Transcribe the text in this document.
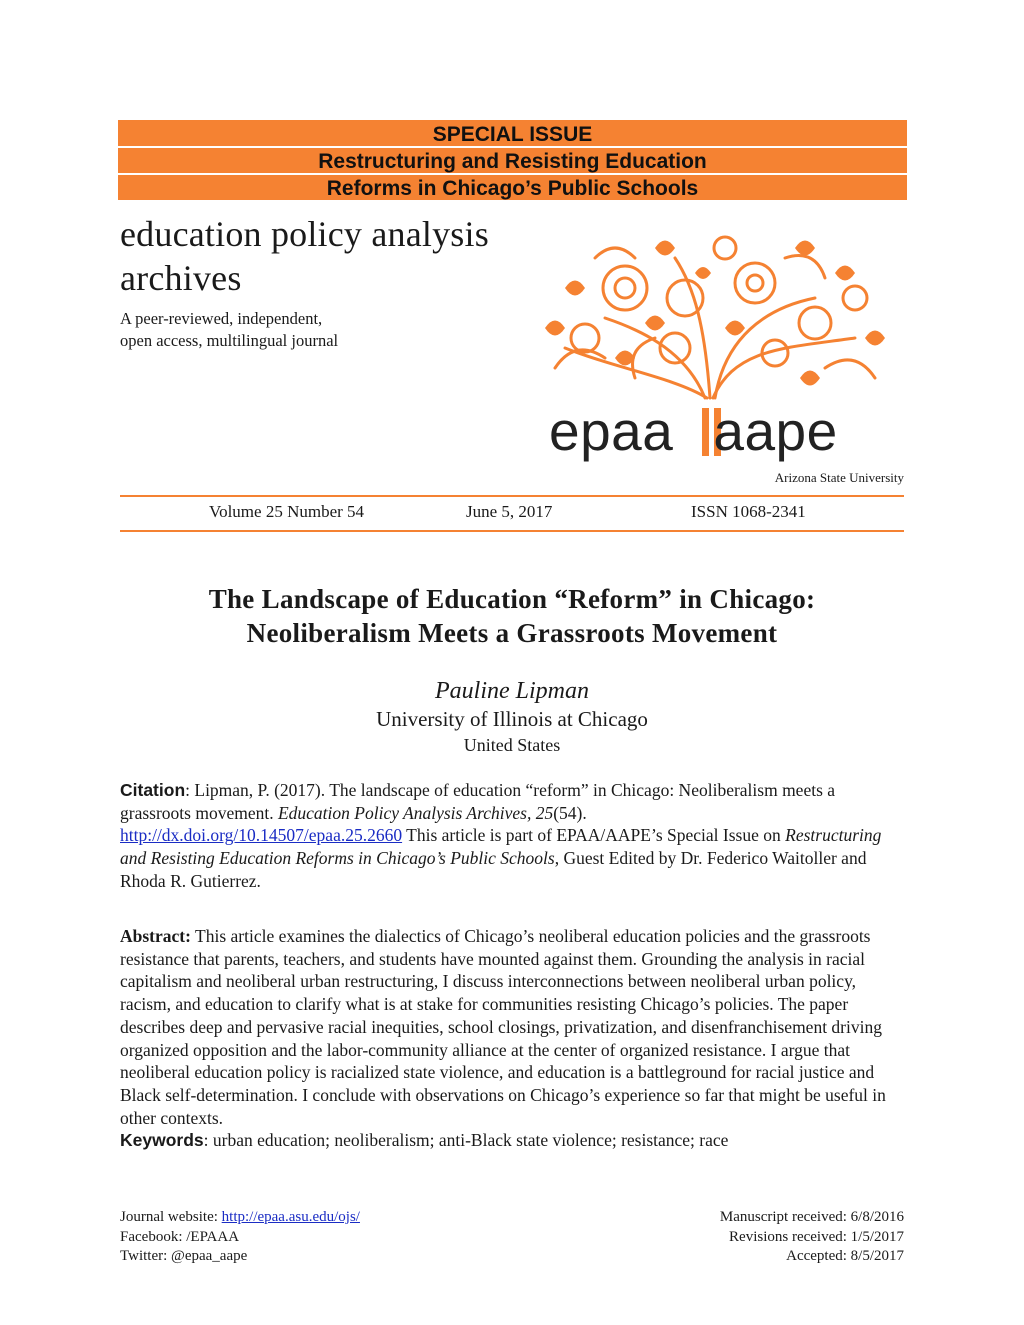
SPECIAL ISSUE
Restructuring and Resisting Education
Reforms in Chicago’s Public Schools
education policy analysis
archives
A peer-reviewed, independent,
open access, multilingual journal
epaa aape
Arizona State University
Volume 25 Number 54	June 5, 2017	ISSN 1068-2341
The Landscape of Education “Reform” in Chicago:
Neoliberalism Meets a Grassroots Movement
Pauline Lipman
University of Illinois at Chicago
United States
Citation: Lipman, P. (2017). The landscape of education “reform” in Chicago: Neoliberalism meets a grassroots movement. Education Policy Analysis Archives, 25(54).
http://dx.doi.org/10.14507/epaa.25.2660 This article is part of EPAA/AAPE’s Special Issue on Restructuring and Resisting Education Reforms in Chicago’s Public Schools, Guest Edited by Dr. Federico Waitoller and Rhoda R. Gutierrez.
Abstract: This article examines the dialectics of Chicago’s neoliberal education policies and the grassroots resistance that parents, teachers, and students have mounted against them. Grounding the analysis in racial capitalism and neoliberal urban restructuring, I discuss interconnections between neoliberal urban policy, racism, and education to clarify what is at stake for communities resisting Chicago’s policies. The paper describes deep and pervasive racial inequities, school closings, privatization, and disenfranchisement driving organized opposition and the labor-community alliance at the center of organized resistance. I argue that neoliberal education policy is racialized state violence, and education is a battleground for racial justice and Black self-determination. I conclude with observations on Chicago’s experience so far that might be useful in other contexts.
Keywords: urban education; neoliberalism; anti-Black state violence; resistance; race
Journal website: http://epaa.asu.edu/ojs/
Facebook: /EPAAA
Twitter: @epaa_aape
Manuscript received: 6/8/2016
Revisions received: 1/5/2017
Accepted: 8/5/2017
